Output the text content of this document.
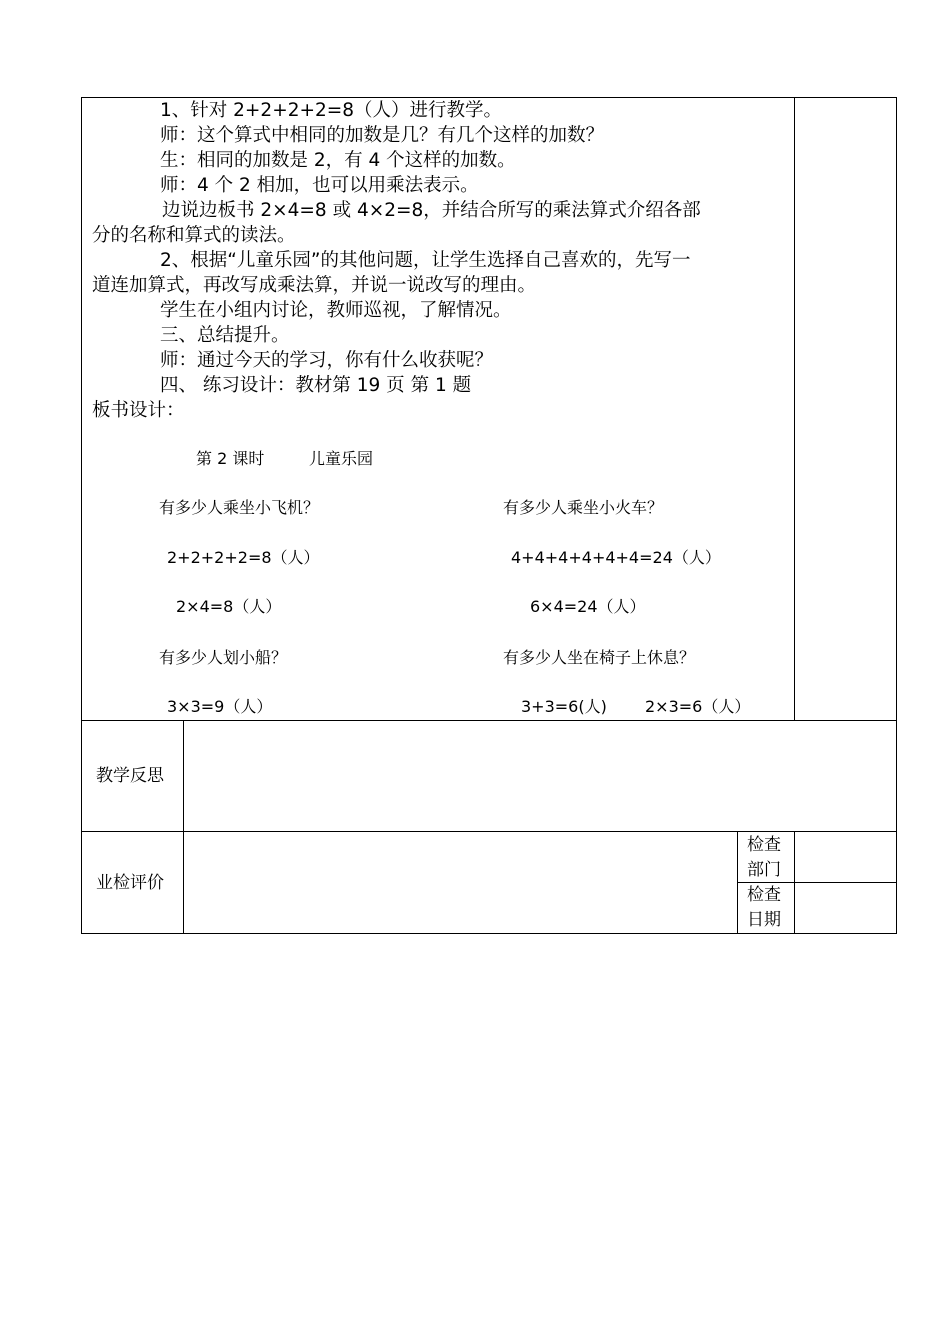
1、针对 2+2+2+2=8（人）进行教学。
师：这个算式中相同的加数是几？有几个这样的加数？
生：相同的加数是 2，有 4 个这样的加数。
师：4 个 2 相加，也可以用乘法表示。
边说边板书 2×4=8 或 4×2=8，并结合所写的乘法算式介绍各部
分的名称和算式的读法。
2、根据“儿童乐园”的其他问题，让学生选择自己喜欢的，先写一
道连加算式，再改写成乘法算，并说一说改写的理由。
学生在小组内讨论，教师巡视，了解情况。
三、总结提升。
师：通过今天的学习，你有什么收获呢？
四、 练习设计：教材第 19 页 第 1 题
板书设计：
第 2 课时	儿童乐园
有多少人乘坐小飞机？	有多少人乘坐小火车？
2+2+2+2=8（人）	4+4+4+4+4+4=24（人）
2×4=8（人）	6×4=24（人）
有多少人划小船？	有多少人坐在椅子上休息？
3×3=9（人）	3+3=6(人) 2×3=6（人）
教学反思
业检评价
检查部门
检查日期
